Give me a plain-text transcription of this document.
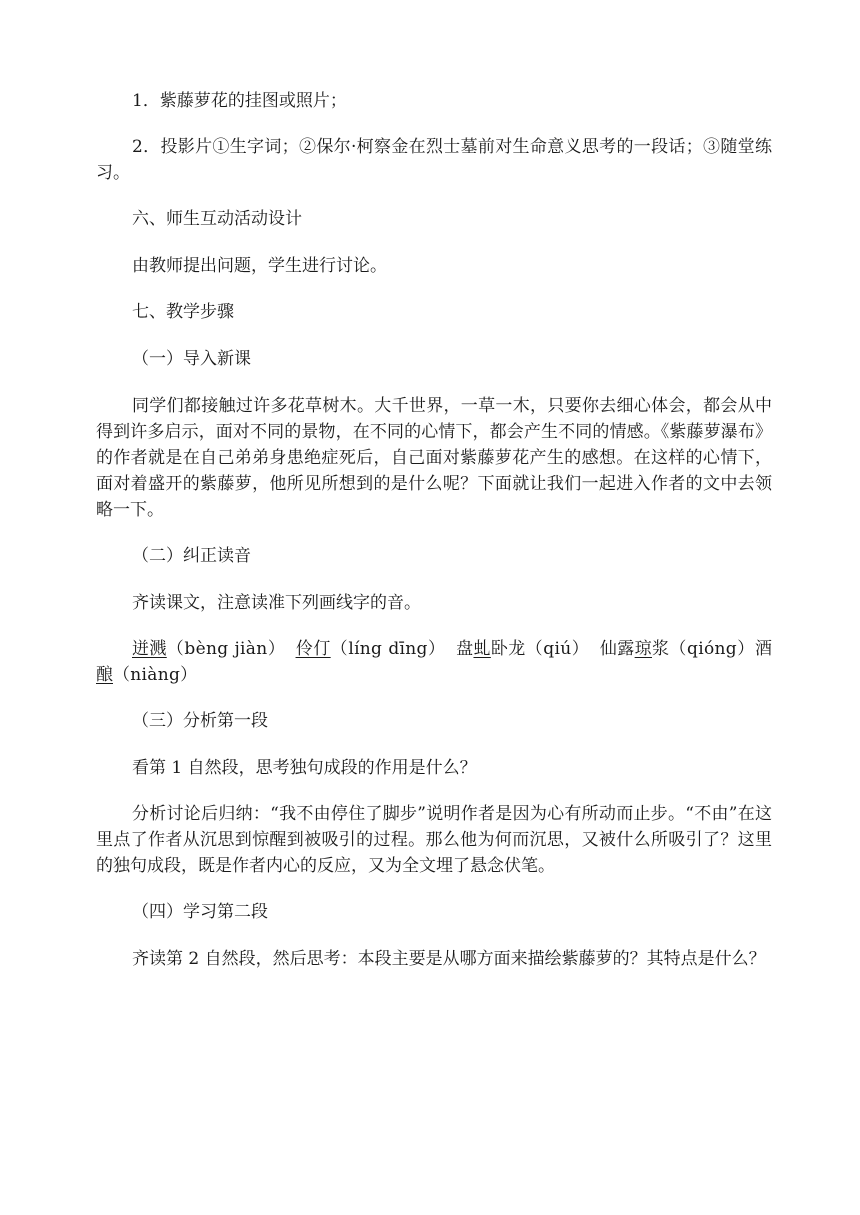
1．紫藤萝花的挂图或照片；

2．投影片①生字词；②保尔·柯察金在烈士墓前对生命意义思考的一段话；③随堂练习。

六、师生互动活动设计

由教师提出问题，学生进行讨论。

七、教学步骤

（一）导入新课

同学们都接触过许多花草树木。大千世界，一草一木，只要你去细心体会，都会从中得到许多启示，面对不同的景物，在不同的心情下，都会产生不同的情感。《紫藤萝瀑布》的作者就是在自己弟弟身患绝症死后，自己面对紫藤萝花产生的感想。在这样的心情下，面对着盛开的紫藤萝，他所见所想到的是什么呢？下面就让我们一起进入作者的文中去领略一下。

（二）纠正读音

齐读课文，注意读准下列画线字的音。

迸溅（bèng jiàn） 伶仃（líng dīng） 盘虬卧龙（qiú） 仙露琼浆（qióng）酒酿（niàng）

（三）分析第一段

看第 1 自然段，思考独句成段的作用是什么？

分析讨论后归纳：“我不由停住了脚步”说明作者是因为心有所动而止步。“不由”在这里点了作者从沉思到惊醒到被吸引的过程。那么他为何而沉思，又被什么所吸引了？这里的独句成段，既是作者内心的反应，又为全文埋了悬念伏笔。

（四）学习第二段

齐读第 2 自然段，然后思考：本段主要是从哪方面来描绘紫藤萝的？其特点是什么？
